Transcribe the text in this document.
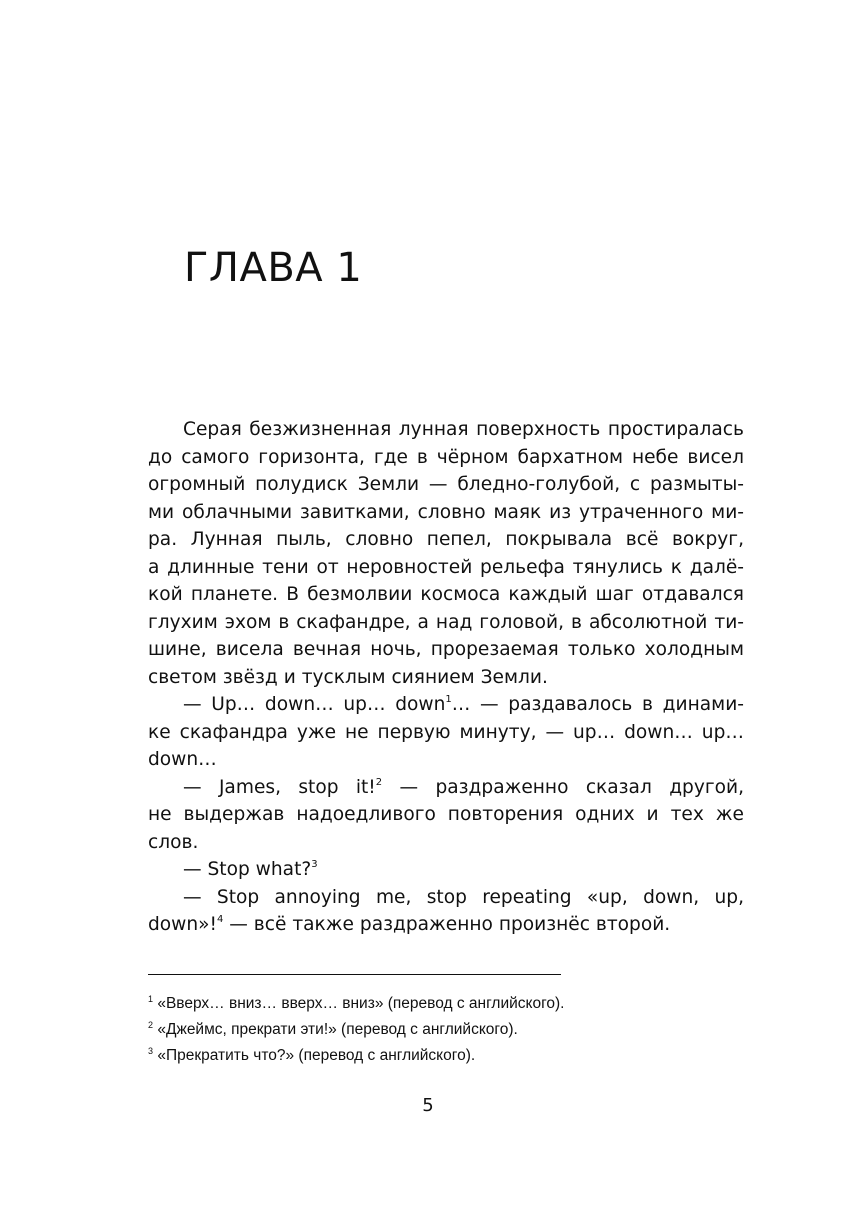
ГЛАВА 1
Серая безжизненная лунная поверхность простиралась
до самого горизонта, где в чёрном бархатном небе висел
огромный полудиск Земли — бледно-голубой, с размыты-
ми облачными завитками, словно маяк из утраченного ми-
ра. Лунная пыль, словно пепел, покрывала всё вокруг,
а длинные тени от неровностей рельефа тянулись к далё-
кой планете. В безмолвии космоса каждый шаг отдавался
глухим эхом в скафандре, а над головой, в абсолютной ти-
шине, висела вечная ночь, прорезаемая только холодным
светом звёзд и тусклым сиянием Земли.
— Up… down… up… down$^1$… — раздавалось в динами-
ке скафандра уже не первую минуту, — up… down… up…
down…
— James, stop it!$^2$ — раздраженно сказал другой,
не выдержав надоедливого повторения одних и тех же
слов.
— Stop what?$^3$
— Stop annoying me, stop repeating «up, down, up,
down»!$^4$ — всё также раздраженно произнёс второй.
$^1$ «Вверх… вниз… вверх… вниз» (перевод с английского).
$^2$ «Джеймс, прекрати эти!» (перевод с английского).
$^3$ «Прекратить что?» (перевод с английского).
5
